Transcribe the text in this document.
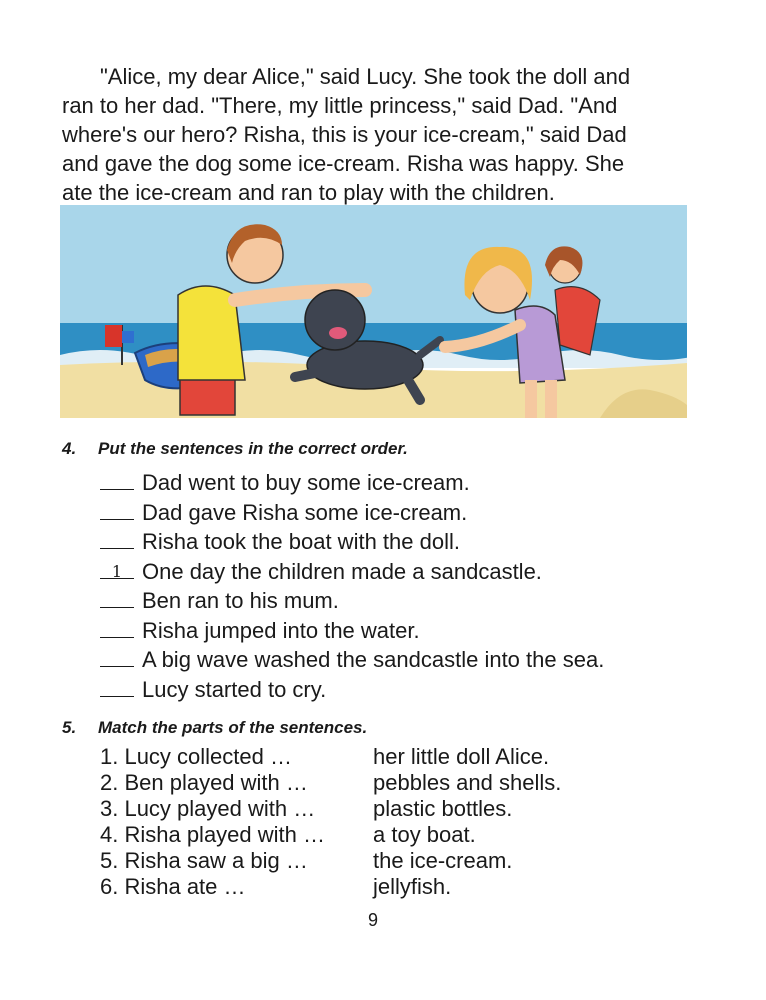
"Alice, my dear Alice," said Lucy. She took the doll and
ran to her dad. "There, my little princess," said Dad. "And
where's our hero? Risha, this is your ice-cream," said Dad
and gave the dog some ice-cream. Risha was happy. She
ate the ice-cream and ran to play with the children.
4. Put the sentences in the correct order.
Dad went to buy some ice-cream.
Dad gave Risha some ice-cream.
Risha took the boat with the doll.
1 One day the children made a sandcastle.
Ben ran to his mum.
Risha jumped into the water.
A big wave washed the sandcastle into the sea.
Lucy started to cry.
5. Match the parts of the sentences.
1. Lucy collected …	her little doll Alice.
2. Ben played with …	pebbles and shells.
3. Lucy played with …	plastic bottles.
4. Risha played with … a toy boat.
5. Risha saw a big …	the ice-cream.
6. Risha ate …	jellyfish.
9
